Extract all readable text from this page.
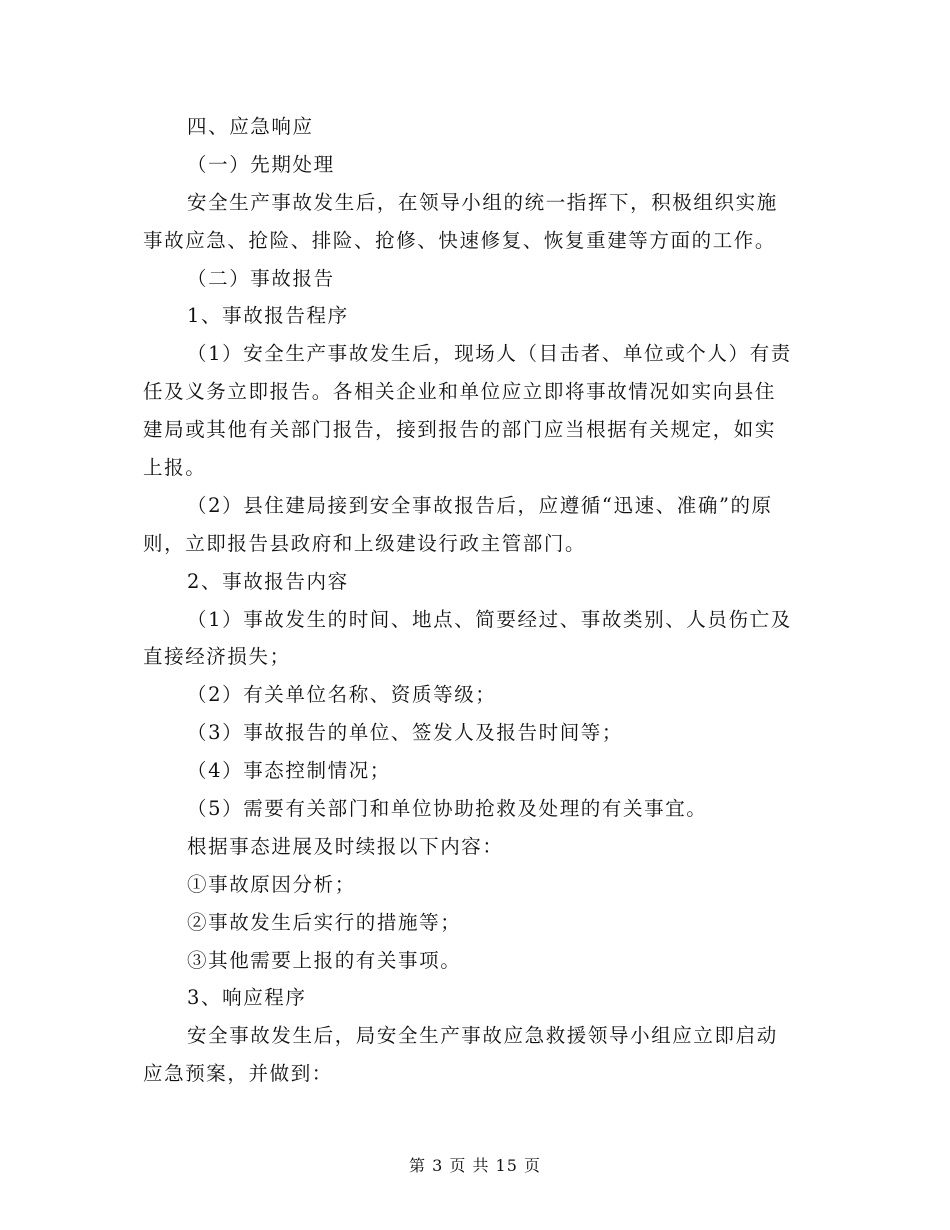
四、应急响应
（一）先期处理
安全生产事故发生后，在领导小组的统一指挥下，积极组织实施
事故应急、抢险、排险、抢修、快速修复、恢复重建等方面的工作。
（二）事故报告
1、事故报告程序
（1）安全生产事故发生后，现场人（目击者、单位或个人）有责
任及义务立即报告。各相关企业和单位应立即将事故情况如实向县住
建局或其他有关部门报告，接到报告的部门应当根据有关规定，如实
上报。
（2）县住建局接到安全事故报告后，应遵循“迅速、准确”的原
则，立即报告县政府和上级建设行政主管部门。
2、事故报告内容
（1）事故发生的时间、地点、简要经过、事故类别、人员伤亡及
直接经济损失；
（2）有关单位名称、资质等级；
（3）事故报告的单位、签发人及报告时间等；
（4）事态控制情况；
（5）需要有关部门和单位协助抢救及处理的有关事宜。
根据事态进展及时续报以下内容：
①事故原因分析；
②事故发生后实行的措施等；
③其他需要上报的有关事项。
3、响应程序
安全事故发生后，局安全生产事故应急救援领导小组应立即启动
应急预案，并做到：
第 3 页 共 15 页
